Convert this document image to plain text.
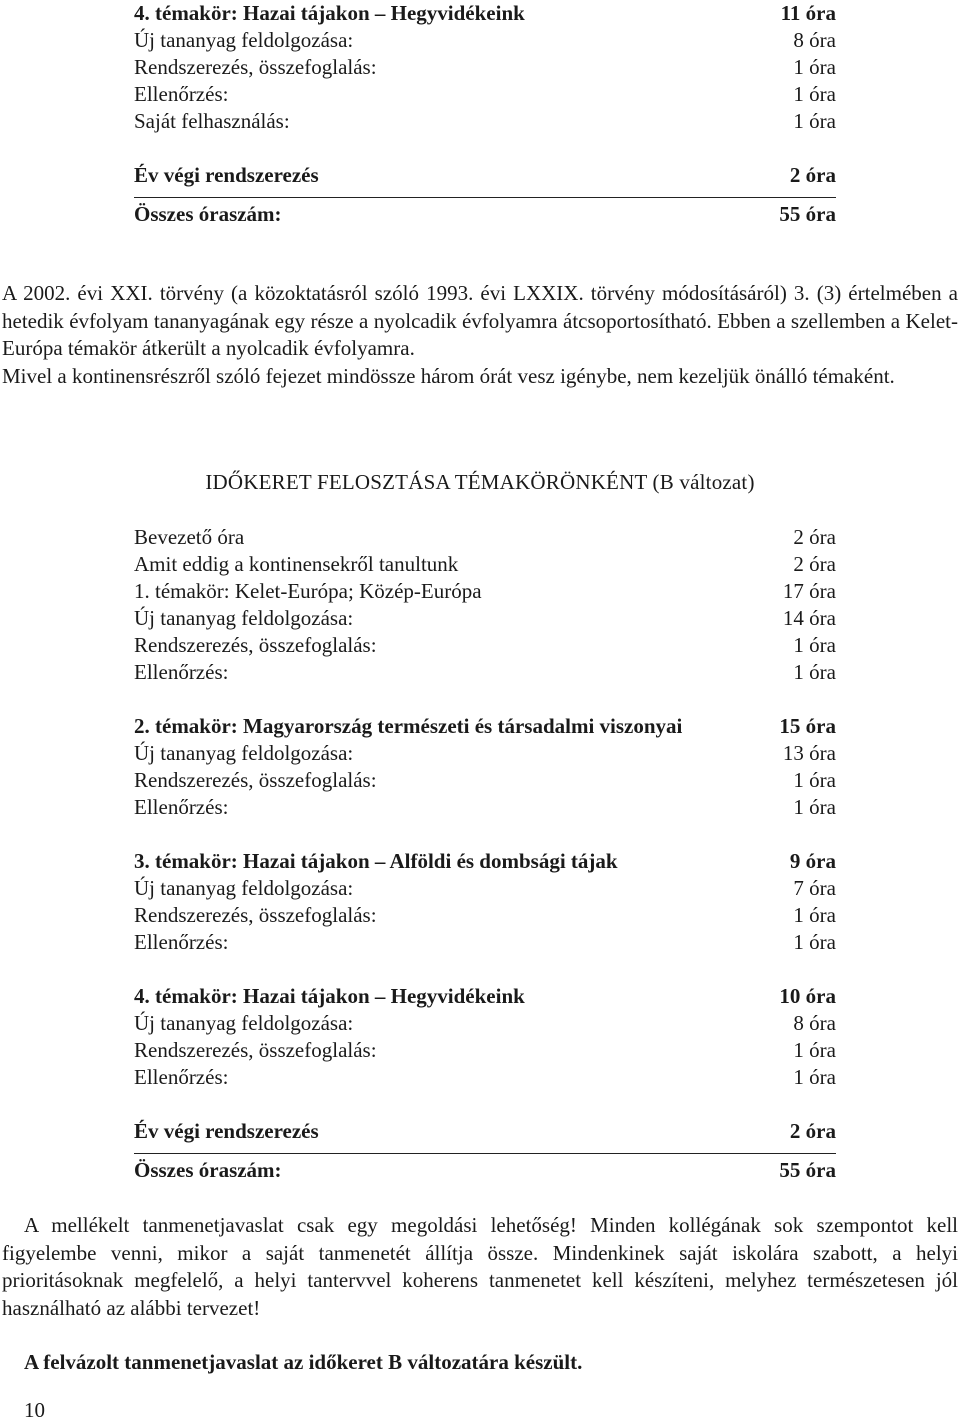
4. témakör: Hazai tájakon – Hegyvidékeink	11 óra
Új tananyag feldolgozása:	8 óra
Rendszerezés, összefoglalás:	1 óra
Ellenőrzés:	1 óra
Saját felhasználás:	1 óra
Év végi rendszerezés	2 óra
Összes óraszám:	55 óra

A 2002. évi XXI. törvény (a közoktatásról szóló 1993. évi LXXIX. törvény módosításáról) 3. (3) értelmében a hetedik évfolyam tananyagának egy része a nyolcadik évfolyamra átcsoportosítható. Ebben a szellemben a Kelet-Európa témakör átkerült a nyolcadik évfolyamra.

Mivel a kontinensrészről szóló fejezet mindössze három órát vesz igénybe, nem kezeljük önálló témaként.

IDŐKERET FELOSZTÁSA TÉMAKÖRÖNKÉNT (B változat)
Bevezető óra	2 óra
Amit eddig a kontinensekről tanultunk	2 óra
1. témakör: Kelet-Európa; Közép-Európa	17 óra
Új tananyag feldolgozása:	14 óra
Rendszerezés, összefoglalás:	1 óra
Ellenőrzés:	1 óra
2. témakör: Magyarország természeti és társadalmi viszonyai	15 óra
Új tananyag feldolgozása:	13 óra
Rendszerezés, összefoglalás:	1 óra
Ellenőrzés:	1 óra
3. témakör: Hazai tájakon – Alföldi és dombsági tájak	9 óra
Új tananyag feldolgozása:	7 óra
Rendszerezés, összefoglalás:	1 óra
Ellenőrzés:	1 óra
4. témakör: Hazai tájakon – Hegyvidékeink	10 óra
Új tananyag feldolgozása:	8 óra
Rendszerezés, összefoglalás:	1 óra
Ellenőrzés:	1 óra
Év végi rendszerezés	2 óra
Összes óraszám:	55 óra

A mellékelt tanmenetjavaslat csak egy megoldási lehetőség! Minden kollégának sok szempontot kell figyelembe venni, mikor a saját tanmenetét állítja össze. Mindenkinek saját iskolára szabott, a helyi prioritásoknak megfelelő, a helyi tantervvel koherens tanmenetet kell készíteni, melyhez természetesen jól használható az alábbi tervezet!

A felvázolt tanmenetjavaslat az időkeret B változatára készült.
10
